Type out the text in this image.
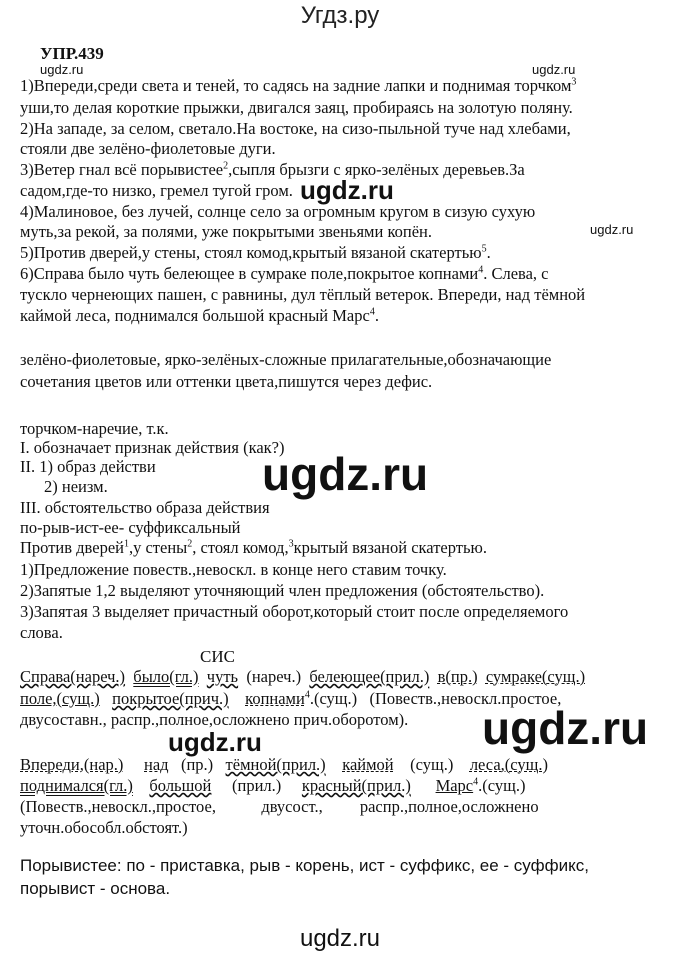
Угдз.ру
УПР.439
ugdz.ru	ugdz.ru
1)Впереди,среди света и теней, то садясь на задние лапки и поднимая торчком$^3$
уши,то делая короткие прыжки, двигался заяц, пробираясь на золотую поляну.
2)На западе, за селом, светало.На востоке, на сизо-пыльной туче над хлебами,
стояли две зелёно-фиолетовые дуги.
3)Ветер гнал всё порывистее$^2$,сыпля брызги с ярко-зелёных деревьев.За
садом,где-то низко, гремел тугой гром. ugdz.ru
4)Малиновое, без лучей, солнце село за огромным кругом в сизую сухую
муть,за рекой, за полями, уже покрытыми звеньями копён.	ugdz.ru
5)Против дверей,у стены, стоял комод,крытый вязаной скатертью$^5$.
6)Справа было чуть белеющее в сумраке поле,покрытое копнами$^4$. Слева, с
тускло чернеющих пашен, с равнины, дул тёплый ветерок. Впереди, над тёмной
каймой леса, поднимался большой красный Марс$^4$.
зелёно-фиолетовые, ярко-зелёных-сложные прилагательные,обозначающие
сочетания цветов или оттенки цвета,пишутся через дефис.
торчком-наречие, т.к.
I. обозначает признак действия (как?)
II. 1) образ действи
2) неизм.	ugdz.ru
III. обстоятельство образа действия
по-рыв-ист-ее- суффиксальный
Против дверей$^1$,у стены$^2$, стоял комод,$^3$крытый вязаной скатертью.
1)Предложение повеств.,невоскл. в конце него ставим точку.
2)Запятые 1,2 выделяют уточняющий член предложения (обстоятельство).
3)Запятая 3 выделяет причастный оборот,который стоит после определяемого
слова.
СИС
Справа(нареч.) было(гл.) чуть (нареч.) белеющее(прил.) в(пр.) сумраке(сущ.)
поле,(сущ.) покрытое(прич.) копнами$^4$.(сущ.) (Повеств.,невоскл.простое,
двусоставн., распр.,полное,осложнено прич.оборотом). ugdz.ru
ugdz.ru
Впереди,(нар.) над (пр.) тёмной(прил.) каймой (сущ.) леса,(сущ.)
поднимался(гл.) большой (прил.) красный(прил.) Марс$^4$.(сущ.)
(Повеств.,невоскл.,простое,	двусост., распр.,полное,осложнено
уточн.обособл.обстоят.)
Порывистее: по - приставка, рыв - корень, ист - суффикс, ее - суффикс,
порывист - основа.
ugdz.ru
